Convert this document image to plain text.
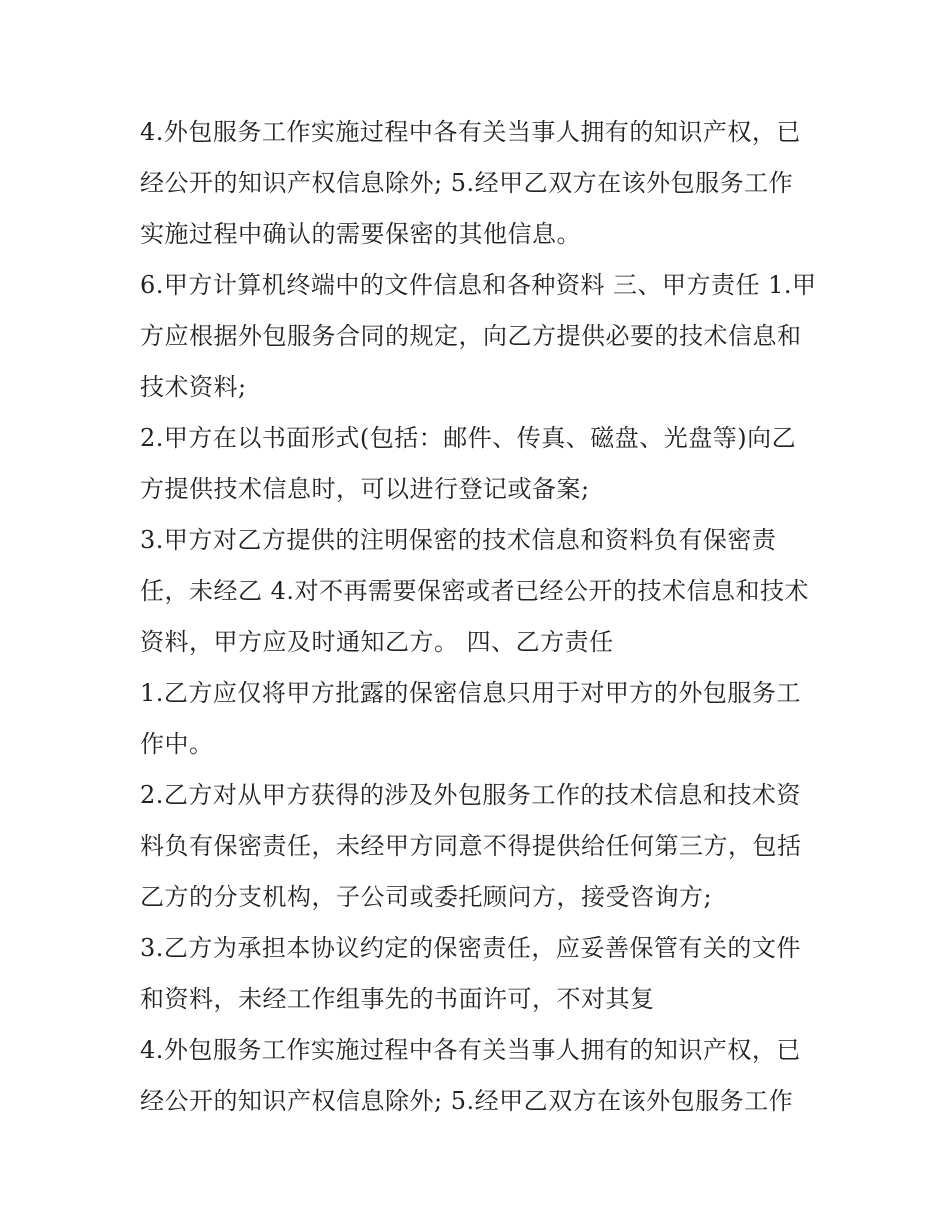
4.外包服务工作实施过程中各有关当事人拥有的知识产权，已
经公开的知识产权信息除外; 5.经甲乙双方在该外包服务工作
实施过程中确认的需要保密的其他信息。
6.甲方计算机终端中的文件信息和各种资料 三、甲方责任 1.甲
方应根据外包服务合同的规定，向乙方提供必要的技术信息和
技术资料;
2.甲方在以书面形式(包括：邮件、传真、磁盘、光盘等)向乙
方提供技术信息时，可以进行登记或备案;
3.甲方对乙方提供的注明保密的技术信息和资料负有保密责
任，未经乙 4.对不再需要保密或者已经公开的技术信息和技术
资料，甲方应及时通知乙方。 四、乙方责任
1.乙方应仅将甲方批露的保密信息只用于对甲方的外包服务工
作中。
2.乙方对从甲方获得的涉及外包服务工作的技术信息和技术资
料负有保密责任，未经甲方同意不得提供给任何第三方，包括
乙方的分支机构，子公司或委托顾问方，接受咨询方;
3.乙方为承担本协议约定的保密责任，应妥善保管有关的文件
和资料，未经工作组事先的书面许可，不对其复
4.外包服务工作实施过程中各有关当事人拥有的知识产权，已
经公开的知识产权信息除外; 5.经甲乙双方在该外包服务工作
